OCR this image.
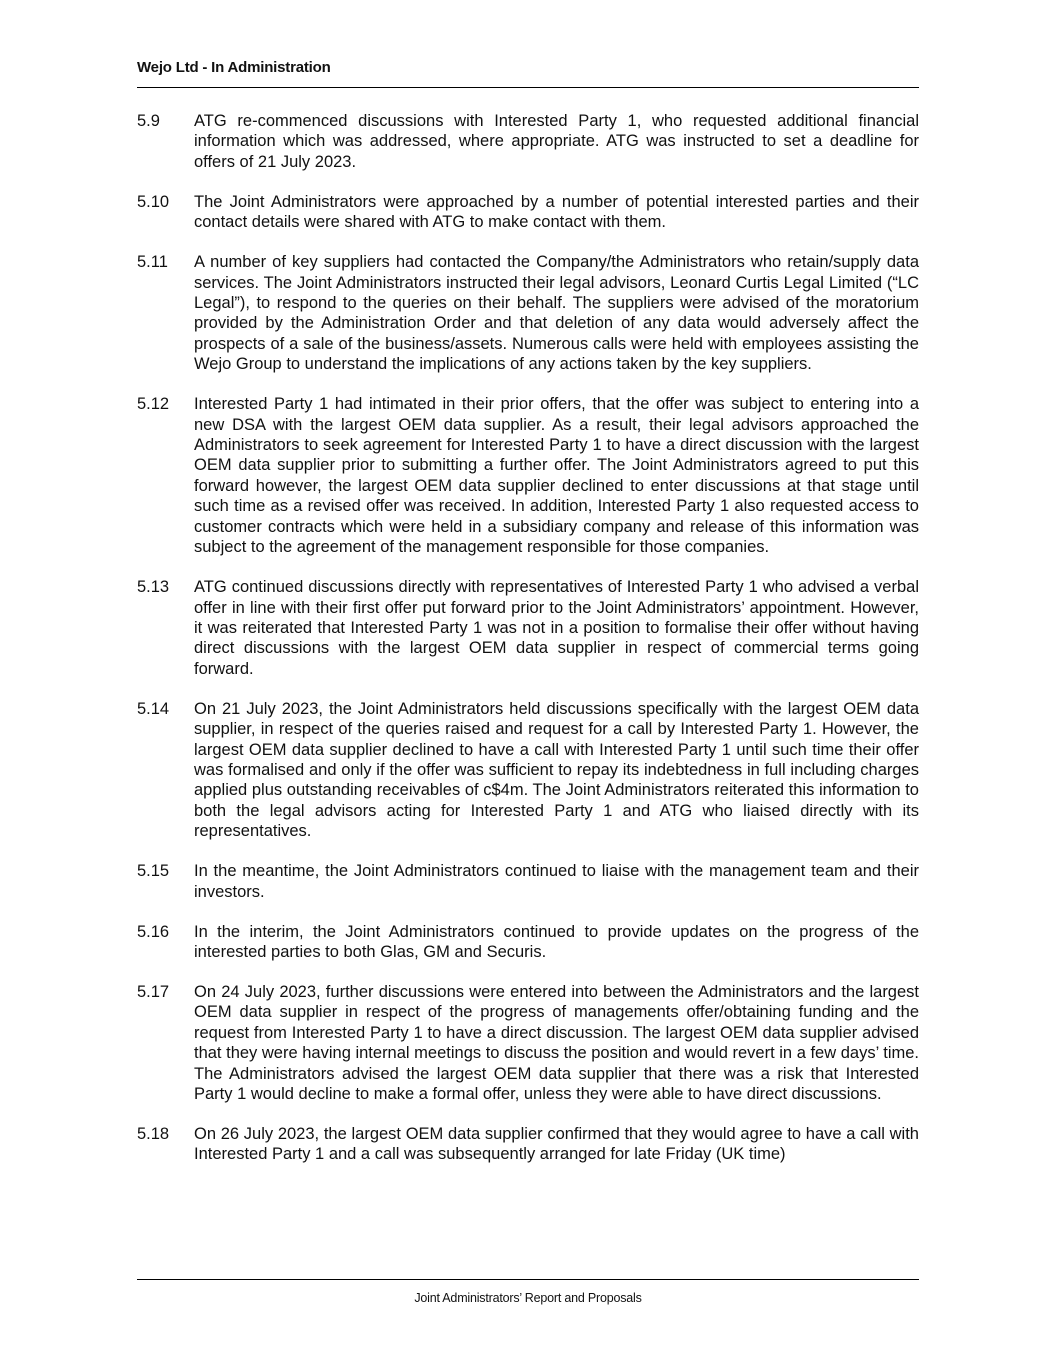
Wejo Ltd - In Administration
5.9	ATG re-commenced discussions with Interested Party 1, who requested additional financial information which was addressed, where appropriate. ATG was instructed to set a deadline for offers of 21 July 2023.
5.10	The Joint Administrators were approached by a number of potential interested parties and their contact details were shared with ATG to make contact with them.
5.11	A number of key suppliers had contacted the Company/the Administrators who retain/supply data services. The Joint Administrators instructed their legal advisors, Leonard Curtis Legal Limited (“LC Legal”), to respond to the queries on their behalf. The suppliers were advised of the moratorium provided by the Administration Order and that deletion of any data would adversely affect the prospects of a sale of the business/assets. Numerous calls were held with employees assisting the Wejo Group to understand the implications of any actions taken by the key suppliers.
5.12	Interested Party 1 had intimated in their prior offers, that the offer was subject to entering into a new DSA with the largest OEM data supplier. As a result, their legal advisors approached the Administrators to seek agreement for Interested Party 1 to have a direct discussion with the largest OEM data supplier prior to submitting a further offer. The Joint Administrators agreed to put this forward however, the largest OEM data supplier declined to enter discussions at that stage until such time as a revised offer was received. In addition, Interested Party 1 also requested access to customer contracts which were held in a subsidiary company and release of this information was subject to the agreement of the management responsible for those companies.
5.13	ATG continued discussions directly with representatives of Interested Party 1 who advised a verbal offer in line with their first offer put forward prior to the Joint Administrators’ appointment. However, it was reiterated that Interested Party 1 was not in a position to formalise their offer without having direct discussions with the largest OEM data supplier in respect of commercial terms going forward.
5.14	On 21 July 2023, the Joint Administrators held discussions specifically with the largest OEM data supplier, in respect of the queries raised and request for a call by Interested Party 1. However, the largest OEM data supplier declined to have a call with Interested Party 1 until such time their offer was formalised and only if the offer was sufficient to repay its indebtedness in full including charges applied plus outstanding receivables of c$4m. The Joint Administrators reiterated this information to both the legal advisors acting for Interested Party 1 and ATG who liaised directly with its representatives.
5.15	In the meantime, the Joint Administrators continued to liaise with the management team and their investors.
5.16	In the interim, the Joint Administrators continued to provide updates on the progress of the interested parties to both Glas, GM and Securis.
5.17	On 24 July 2023, further discussions were entered into between the Administrators and the largest OEM data supplier in respect of the progress of managements offer/obtaining funding and the request from Interested Party 1 to have a direct discussion. The largest OEM data supplier advised that they were having internal meetings to discuss the position and would revert in a few days’ time. The Administrators advised the largest OEM data supplier that there was a risk that Interested Party 1 would decline to make a formal offer, unless they were able to have direct discussions.
5.18	On 26 July 2023, the largest OEM data supplier confirmed that they would agree to have a call with Interested Party 1 and a call was subsequently arranged for late Friday (UK time)
Joint Administrators’ Report and Proposals
